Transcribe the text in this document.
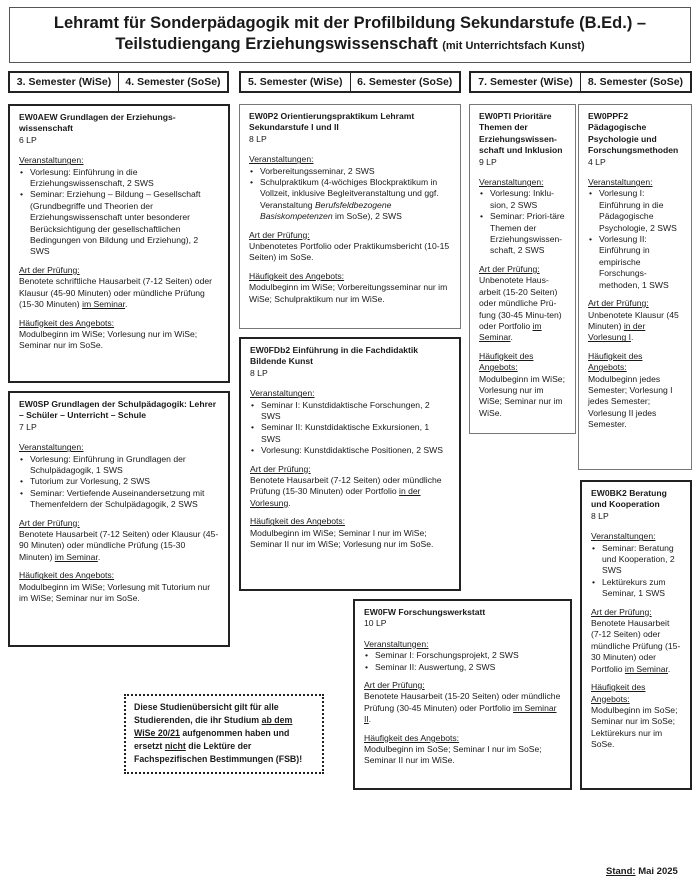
Lehramt für Sonderpädagogik mit der Profilbildung Sekundarstufe (B.Ed.) –
Teilstudiengang Erziehungswissenschaft (mit Unterrichtsfach Kunst)
3. Semester (WiSe)	4. Semester (SoSe)	5. Semester (WiSe)	6. Semester (SoSe)	7. Semester (WiSe)	8. Semester (SoSe)
EW0AEW Grundlagen der Erziehungs-wissenschaft
6 LP
Veranstaltungen:
• Vorlesung: Einführung in die Erziehungswissenschaft, 2 SWS
• Seminar: Erziehung – Bildung – Gesellschaft (Grundbegriffe und Theorien der Erziehungswissenschaft unter besonderer Berücksichtigung der gesellschaftlichen Bedingungen von Bildung und Erziehung), 2 SWS
Art der Prüfung:

Benotete schriftliche Hausarbeit (7-12 Seiten) oder Klausur (45-90 Minuten) oder mündliche Prüfung (15-30 Minuten) im Seminar.

Häufigkeit des Angebots:

Modulbeginn im WiSe; Vorlesung nur im WiSe; Seminar nur im SoSe.

EW0SP Grundlagen der Schulpädagogik: Lehrer – Schüler – Unterricht – Schule
7 LP
Veranstaltungen:
• Vorlesung: Einführung in Grundlagen der Schulpädagogik, 1 SWS
• Tutorium zur Vorlesung, 2 SWS
• Seminar: Vertiefende Auseinandersetzung mit Themenfeldern der Schulpädagogik, 2 SWS
Art der Prüfung:

Benotete Hausarbeit (7-12 Seiten) oder Klausur (45-90 Minuten) oder mündliche Prüfung (15-30 Minuten) im Seminar.

Häufigkeit des Angebots:

Modulbeginn im WiSe; Vorlesung mit Tutorium nur im WiSe; Seminar nur im SoSe.

EW0P2 Orientierungspraktikum Lehramt Sekundarstufe I und II
8 LP
Veranstaltungen:
• Vorbereitungsseminar, 2 SWS
• Schulpraktikum (4-wöchiges Blockpraktikum in Vollzeit, inklusive Begleitveranstaltung und ggf. Veranstaltung Berufsfeldbezogene Basiskompetenzen im SoSe), 2 SWS
Art der Prüfung:

Unbenotetes Portfolio oder Praktikumsbericht (10-15 Seiten) im SoSe.

Häufigkeit des Angebots:

Modulbeginn im WiSe; Vorbereitungsseminar nur im WiSe; Schulpraktikum nur im WiSe.

EW0FDb2 Einführung in die Fachdidaktik Bildende Kunst
8 LP
Veranstaltungen:
• Seminar I: Kunstdidaktische Forschungen, 2 SWS
• Seminar II: Kunstdidaktische Exkursionen, 1 SWS
• Vorlesung: Kunstdidaktische Positionen, 2 SWS
Art der Prüfung:

Benotete Hausarbeit (7-12 Seiten) oder mündliche Prüfung (15-30 Minuten) oder Portfolio in der Vorlesung.

Häufigkeit des Angebots:

Modulbeginn im WiSe; Seminar I nur im WiSe; Seminar II nur im WiSe; Vorlesung nur im SoSe.

EW0FW Forschungswerkstatt
10 LP
Veranstaltungen:
• Seminar I: Forschungsprojekt, 2 SWS
• Seminar II: Auswertung, 2 SWS
Art der Prüfung:

Benotete Hausarbeit (15-20 Seiten) oder mündliche Prüfung (30-45 Minuten) oder Portfolio im Seminar II.

Häufigkeit des Angebots:

Modulbeginn im SoSe; Seminar I nur im SoSe; Seminar II nur im WiSe.

EW0PTI Prioritäre Themen der Erziehungswissen-schaft und Inklusion
9 LP
Veranstaltungen:
• Vorlesung: Inklu-sion, 2 SWS
• Seminar: Priori-täre Themen der Erziehungswissen-schaft, 2 SWS
Art der Prüfung:

Unbenotete Haus-arbeit (15-20 Seiten) oder mündliche Prü-fung (30-45 Minu-ten) oder Portfolio im Seminar.

Häufigkeit des Angebots:

Modulbeginn im WiSe; Vorlesung nur im WiSe; Seminar nur im WiSe.

EW0PPF2 Pädagogische Psychologie und Forschungsmethoden
4 LP
Veranstaltungen:
• Vorlesung I: Einführung in die Pädagogische Psychologie, 2 SWS
• Vorlesung II: Einführung in empirische Forschungs-methoden, 1 SWS
Art der Prüfung:

Unbenotete Klausur (45 Minuten) in der Vorlesung I.

Häufigkeit des Angebots:

Modulbeginn jedes Semester; Vorlesung I jedes Semester; Vorlesung II jedes Semester.

EW0BK2 Beratung und Kooperation
8 LP
Veranstaltungen:
• Seminar: Beratung und Kooperation, 2 SWS
• Lektürekurs zum Seminar, 1 SWS
Art der Prüfung:

Benotete Hausarbeit (7-12 Seiten) oder mündliche Prüfung (15-30 Minuten) oder Portfolio im Seminar.

Häufigkeit des Angebots:

Modulbeginn im SoSe; Seminar nur im SoSe; Lektürekurs nur im SoSe.

Diese Studienübersicht gilt für alle Studierenden, die ihr Studium ab dem WiSe 20/21 aufgenommen haben und ersetzt nicht die Lektüre der Fachspezifischen Bestimmungen (FSB)!
Stand: Mai 2025
